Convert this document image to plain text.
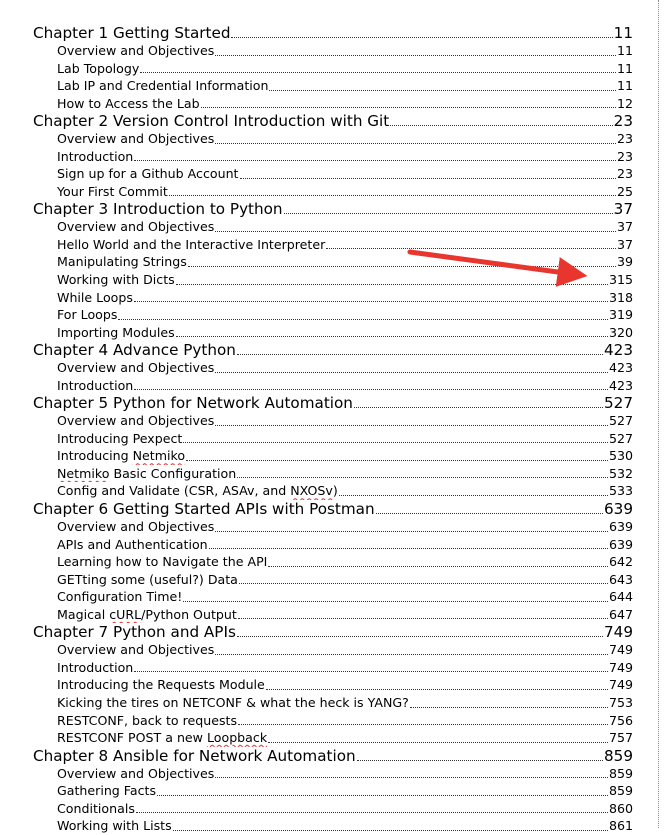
Chapter 1 Getting Started	11
Overview and Objectives	11
Lab Topology	11
Lab IP and Credential Information	11
How to Access the Lab	12
Chapter 2 Version Control Introduction with Git	23
Overview and Objectives	23
Introduction	23
Sign up for a Github Account	23
Your First Commit	25
Chapter 3 Introduction to Python	37
Overview and Objectives	37
Hello World and the Interactive Interpreter	37
Manipulating Strings	39
Working with Dicts	315
While Loops	318
For Loops	319
Importing Modules	320
Chapter 4 Advance Python	423
Overview and Objectives	423
Introduction	423
Chapter 5 Python for Network Automation	527
Overview and Objectives	527
Introducing Pexpect	527
Introducing Netmiko	530
Netmiko Basic Configuration	532
Config and Validate (CSR, ASAv, and NXOSv)	533
Chapter 6 Getting Started APIs with Postman	639
Overview and Objectives	639
APIs and Authentication	639
Learning how to Navigate the API	642
GETting some (useful?) Data	643
Configuration Time!	644
Magical cURL/Python Output	647
Chapter 7 Python and APIs	749
Overview and Objectives	749
Introduction	749
Introducing the Requests Module	749
Kicking the tires on NETCONF & what the heck is YANG?	753
RESTCONF, back to requests	756
RESTCONF POST a new Loopback	757
Chapter 8 Ansible for Network Automation	859
Overview and Objectives	859
Gathering Facts	859
Conditionals	860
Working with Lists	861
